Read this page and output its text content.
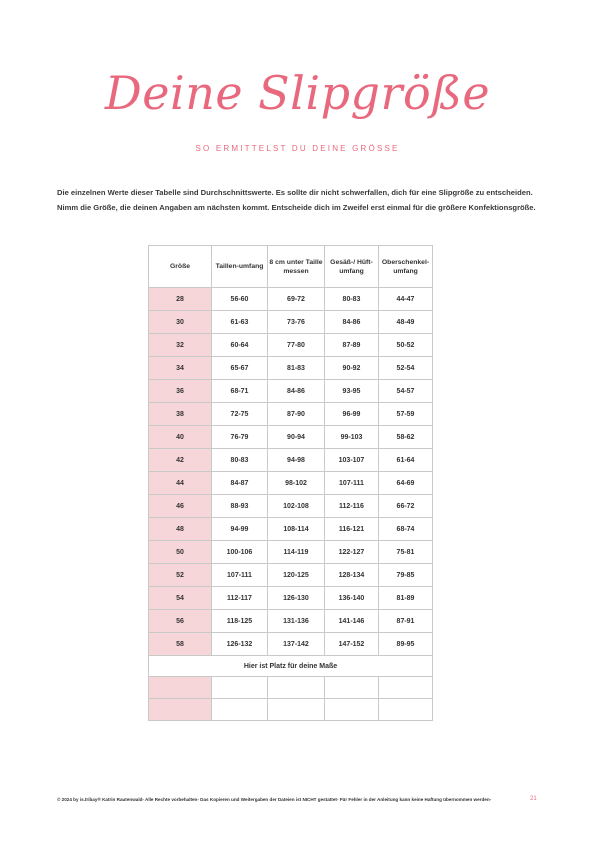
Deine Slipgröße
SO ERMITTELST DU DEINE GRÖSSE
Die einzelnen Werte dieser Tabelle sind Durchschnittswerte. Es sollte dir nicht schwerfallen, dich für eine Slipgröße zu entscheiden. Nimm die Größe, die deinen Angaben am nächsten kommt. Entscheide dich im Zweifel erst einmal für die größere Konfektionsgröße.
Größe	Taillen-umfang	8 cm unter Taille messen	Gesäß-/ Hüft-umfang	Oberschenkel-umfang
28	56-60	69-72	80-83	44-47
30	61-63	73-76	84-86	48-49
32	60-64	77-80	87-89	50-52
34	65-67	81-83	90-92	52-54
36	68-71	84-86	93-95	54-57
38	72-75	87-90	96-99	57-59
40	76-79	90-94	99-103	58-62
42	80-83	94-98	103-107	61-64
44	84-87	98-102	107-111	64-69
46	88-93	102-108	112-116	66-72
48	94-99	108-114	116-121	68-74
50	100-106	114-119	122-127	75-81
52	107-111	120-125	128-134	79-85
54	112-117	126-130	136-140	81-89
56	118-125	131-136	141-146	87-91
58	126-132	137-142	147-152	89-95
Hier ist Platz für deine Maße				

© 2024 by is.tribay® Katrin Rautenwald- Alle Rechte vorbehalten- Das Kopieren und Weitergaben der Dateien ist NICHT gestattet- Für Fehler in der Anleitung kann keine Haftung übernommen werden-	21
